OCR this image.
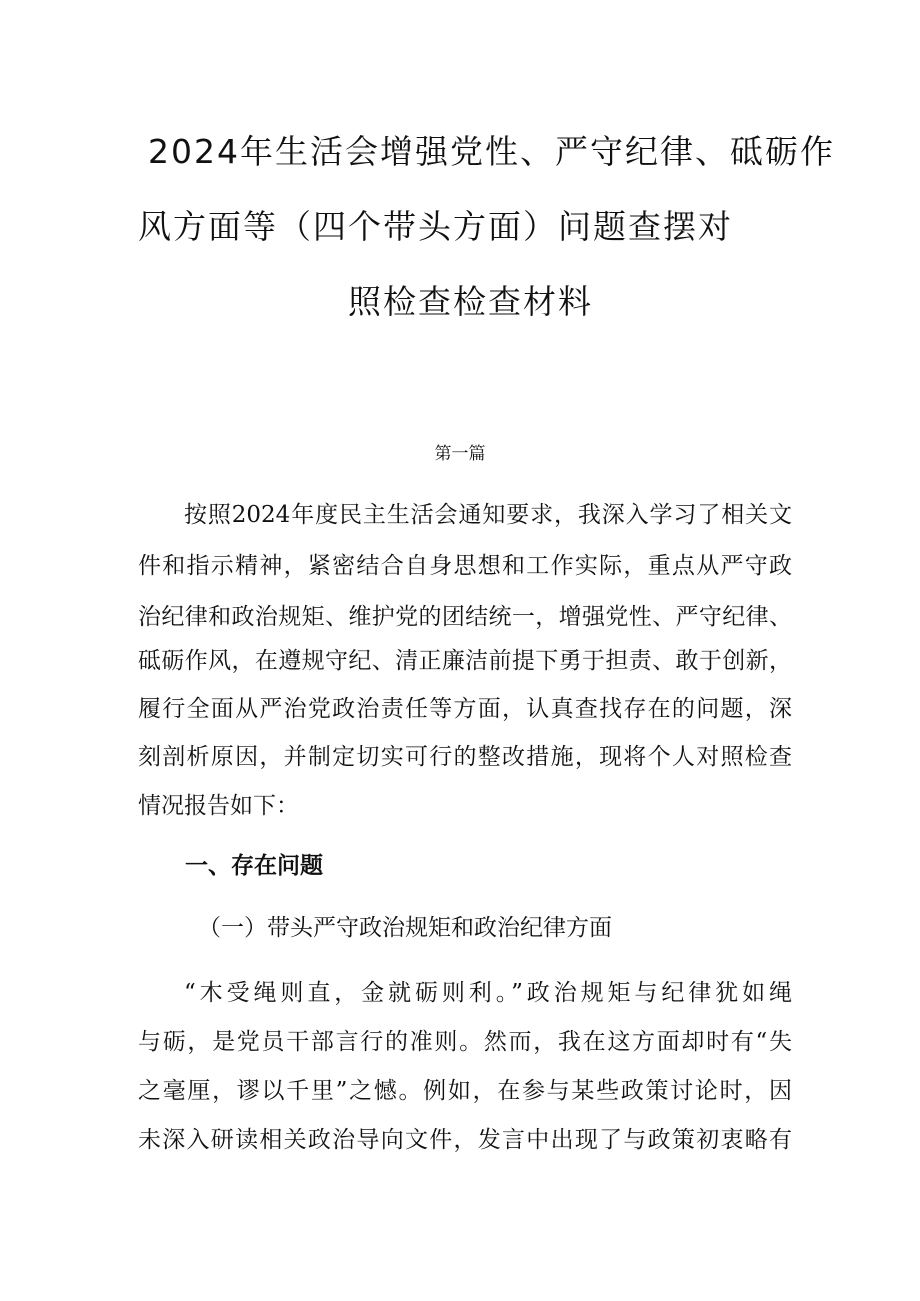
2024年生活会增强党性、严守纪律、砥砺作
风方面等（四个带头方面）问题查摆对
照检查检查材料
第一篇
按照2024年度民主生活会通知要求，我深入学习了相关文
件和指示精神，紧密结合自身思想和工作实际，重点从严守政
治纪律和政治规矩、维护党的团结统一，增强党性、严守纪律、
砥砺作风，在遵规守纪、清正廉洁前提下勇于担责、敢于创新，
履行全面从严治党政治责任等方面，认真查找存在的问题，深
刻剖析原因，并制定切实可行的整改措施，现将个人对照检查
情况报告如下：
一、存在问题
（一）带头严守政治规矩和政治纪律方面
“木受绳则直，金就砺则利。”政治规矩与纪律犹如绳
与砺，是党员干部言行的准则。然而，我在这方面却时有“失
之毫厘，谬以千里”之憾。例如，在参与某些政策讨论时，因
未深入研读相关政治导向文件，发言中出现了与政策初衷略有
